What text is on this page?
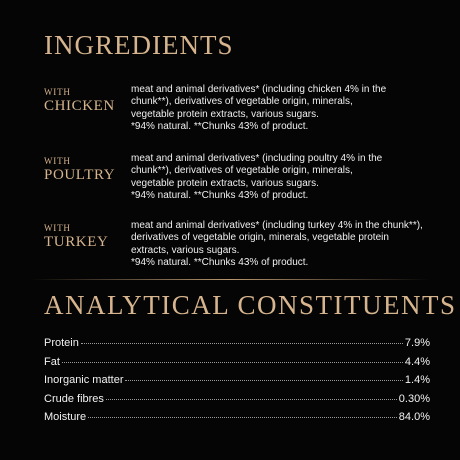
INGREDIENTS
WITH
CHICKEN
meat and animal derivatives* (including chicken 4% in the
chunk**), derivatives of vegetable origin, minerals,
vegetable protein extracts, various sugars.
*94% natural. **Chunks 43% of product.
WITH
POULTRY
meat and animal derivatives* (including poultry 4% in the
chunk**), derivatives of vegetable origin, minerals,
vegetable protein extracts, various sugars.
*94% natural. **Chunks 43% of product.
WITH
TURKEY
meat and animal derivatives* (including turkey 4% in the chunk**),
derivatives of vegetable origin, minerals, vegetable protein
extracts, various sugars.
*94% natural. **Chunks 43% of product.
ANALYTICAL CONSTITUENTS
Protein	7.9%
Fat	4.4%
Inorganic matter	1.4%
Crude fibres	0.30%
Moisture	84.0%
